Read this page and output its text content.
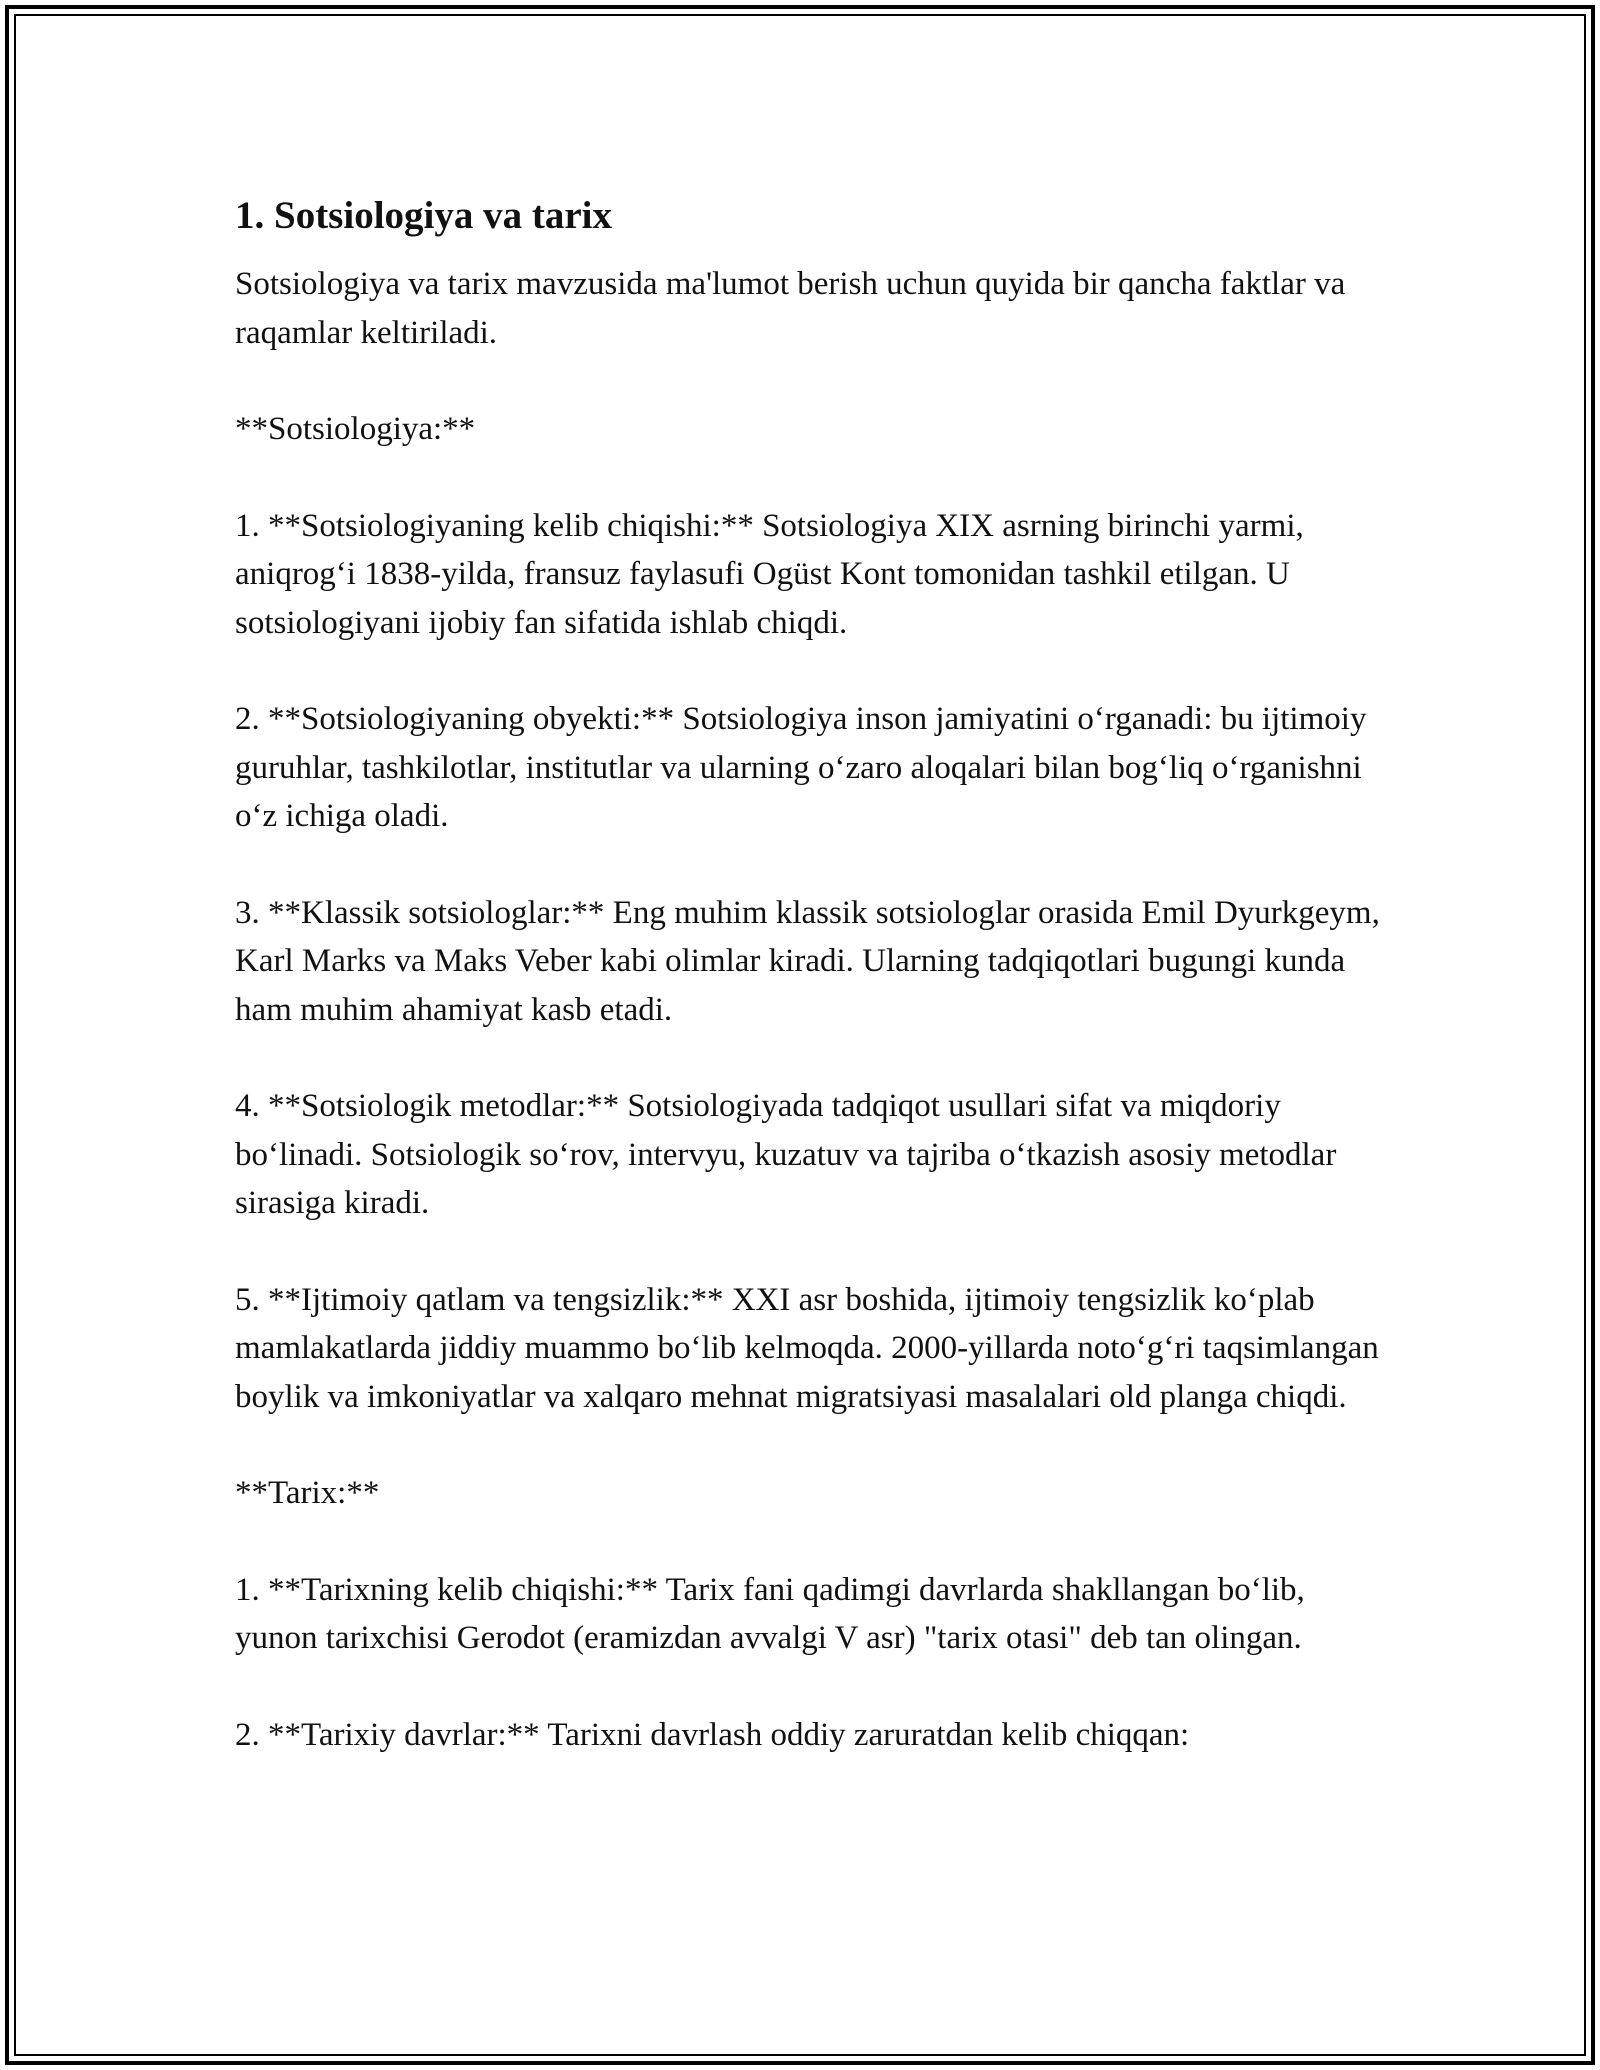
1. Sotsiologiya va tarix

Sotsiologiya va tarix mavzusida ma'lumot berish uchun quyida bir qancha faktlar va raqamlar keltiriladi.

**Sotsiologiya:**

1. **Sotsiologiyaning kelib chiqishi:** Sotsiologiya XIX asrning birinchi yarmi, aniqrog‘i 1838-yilda, fransuz faylasufi Ogüst Kont tomonidan tashkil etilgan. U sotsiologiyani ijobiy fan sifatida ishlab chiqdi.

2. **Sotsiologiyaning obyekti:** Sotsiologiya inson jamiyatini o‘rganadi: bu ijtimoiy guruhlar, tashkilotlar, institutlar va ularning o‘zaro aloqalari bilan bog‘liq o‘rganishni o‘z ichiga oladi.

3. **Klassik sotsiologlar:** Eng muhim klassik sotsiologlar orasida Emil Dyurkgeym, Karl Marks va Maks Veber kabi olimlar kiradi. Ularning tadqiqotlari bugungi kunda ham muhim ahamiyat kasb etadi.

4. **Sotsiologik metodlar:** Sotsiologiyada tadqiqot usullari sifat va miqdoriy bo‘linadi. Sotsiologik so‘rov, intervyu, kuzatuv va tajriba o‘tkazish asosiy metodlar sirasiga kiradi.

5. **Ijtimoiy qatlam va tengsizlik:** XXI asr boshida, ijtimoiy tengsizlik ko‘plab mamlakatlarda jiddiy muammo bo‘lib kelmoqda. 2000-yillarda noto‘g‘ri taqsimlangan boylik va imkoniyatlar va xalqaro mehnat migratsiyasi masalalari old planga chiqdi.

**Tarix:**

1. **Tarixning kelib chiqishi:** Tarix fani qadimgi davrlarda shakllangan bo‘lib, yunon tarixchisi Gerodot (eramizdan avvalgi V asr) "tarix otasi" deb tan olingan.

2. **Tarixiy davrlar:** Tarixni davrlash oddiy zaruratdan kelib chiqqan:
